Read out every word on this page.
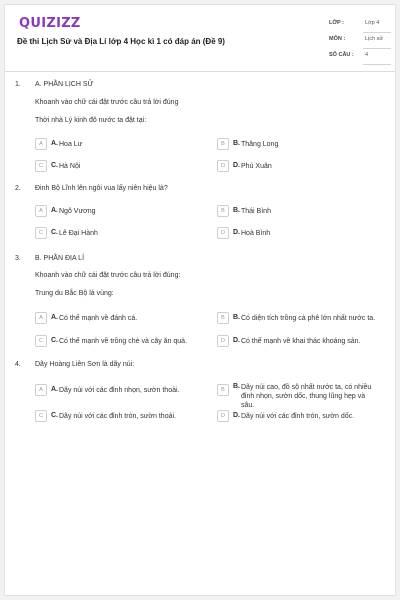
QUIZIZZ
Đề thi Lịch Sử và Địa Lí lớp 4 Học kì 1 có đáp án (Đề 9)
LỚP :	Lớp 4
MÔN :	Lịch sử
SỐ CÂU : 4
1. A. PHẦN LỊCH SỬ
Khoanh vào chữ cái đặt trước câu trả lời đúng
Thời nhà Lý kinh đô nước ta đặt tại:
A	A. Hoa Lư	B	B. Thăng Long
C	C. Hà Nội	D	D. Phú Xuân
2. Đinh Bộ Lĩnh lên ngôi vua lấy niên hiệu là?
A	A. Ngô Vương	B	B. Thái Bình
C	C. Lê Đại Hành	D	D. Hoà Bình
3. B. PHẦN ĐỊA LÍ
Khoanh vào chữ cái đặt trước câu trả lời đúng:
Trung du Bắc Bộ là vùng:
A	A. Có thế mạnh về đánh cá.	B	B. Có diện tích trồng cà phê lớn nhất nước ta.
C	C. Có thế mạnh về trồng chè và cây ăn quả.	D	D. Có thế mạnh về khai thác khoáng sản.
4. Dãy Hoàng Liên Sơn là dãy núi:
A	A. Dãy núi với các đỉnh nhọn, sườn thoải.	B	B. Dãy núi cao, đồ sộ nhất nước ta, có nhiều đỉnh nhọn, sườn dốc, thung lũng hẹp và sâu.
C	C. Dãy núi với các đỉnh tròn, sườn thoải.	D	D. Dãy núi với các đỉnh tròn, sườn dốc.
